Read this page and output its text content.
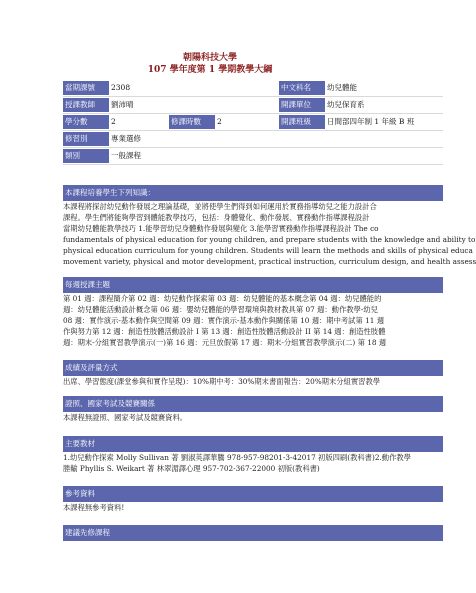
朝陽科技大學
107 學年度第 1 學期教學大綱
當期課號	2308	中文科名	幼兒體能
授課教師	劉沛晴	開課單位	幼兒保育系
學分數	2	修課時數	2	開課班級	日間部四年制 1 年級 B 班
修習別	專業選修
類別	一般課程
本課程培養學生下列知識：
本課程將探討幼兒動作發展之理論基礎，並將使學生們得到如何運用於實務指導幼兒之能力設計合
課程。學生們將能夠學習到體能教學技巧，包括：身體覺化、動作發展、實務動作指導課程設計
當期幼兒體能教學技巧 1.能學習幼兒身體動作發展與變化 3.能學習實務動作指導課程設計 The co
fundamentals of physical education for young children, and prepare students with the knowledge and ability to
physical education curriculum for young children. Students will learn the methods and skills of physical educa
movement variety, physical and motor development, practical instruction, curriculum design, and health assess
每週授課主題
第 01 週：課程簡介第 02 週：幼兒動作探索第 03 週：幼兒體能的基本概念第 04 週：幼兒體能的
週：幼兒體能活動設計概念第 06 週：嬰幼兒體能的學習環境與教材教具第 07 週：動作教學-幼兒
08 週：實作演示-基本動作與空間第 09 週：實作演示-基本動作與關係第 10 週：期中考試第 11 週
作與努力第 12 週：創造性肢體活動設計 I 第 13 週：創造性肢體活動設計 II 第 14 週：創造性肢體
週：期末-分組實習教學演示(一)第 16 週：元旦放假第 17 週：期末-分組實習教學演示(二) 第 18 週
成績及評量方式
出席、學習態度(課堂參與和實作呈現)：10%期中考：30%期末書面報告：20%期末分組實習教學
證照、國家考試及競賽關係
本課程無證照、國家考試及競賽資料。
主要教材
1.幼兒動作探索 Molly Sullivan 著 劉淑英譯華騰 978-957-98201-3-42017 初版四刷(教科書)2.動作教學
塍輸 Phyllis S. Weikart 著 林翠湄譯心理 957-702-367-22000 初版(教科書)
參考資料
本課程無參考資料!
建議先修課程
